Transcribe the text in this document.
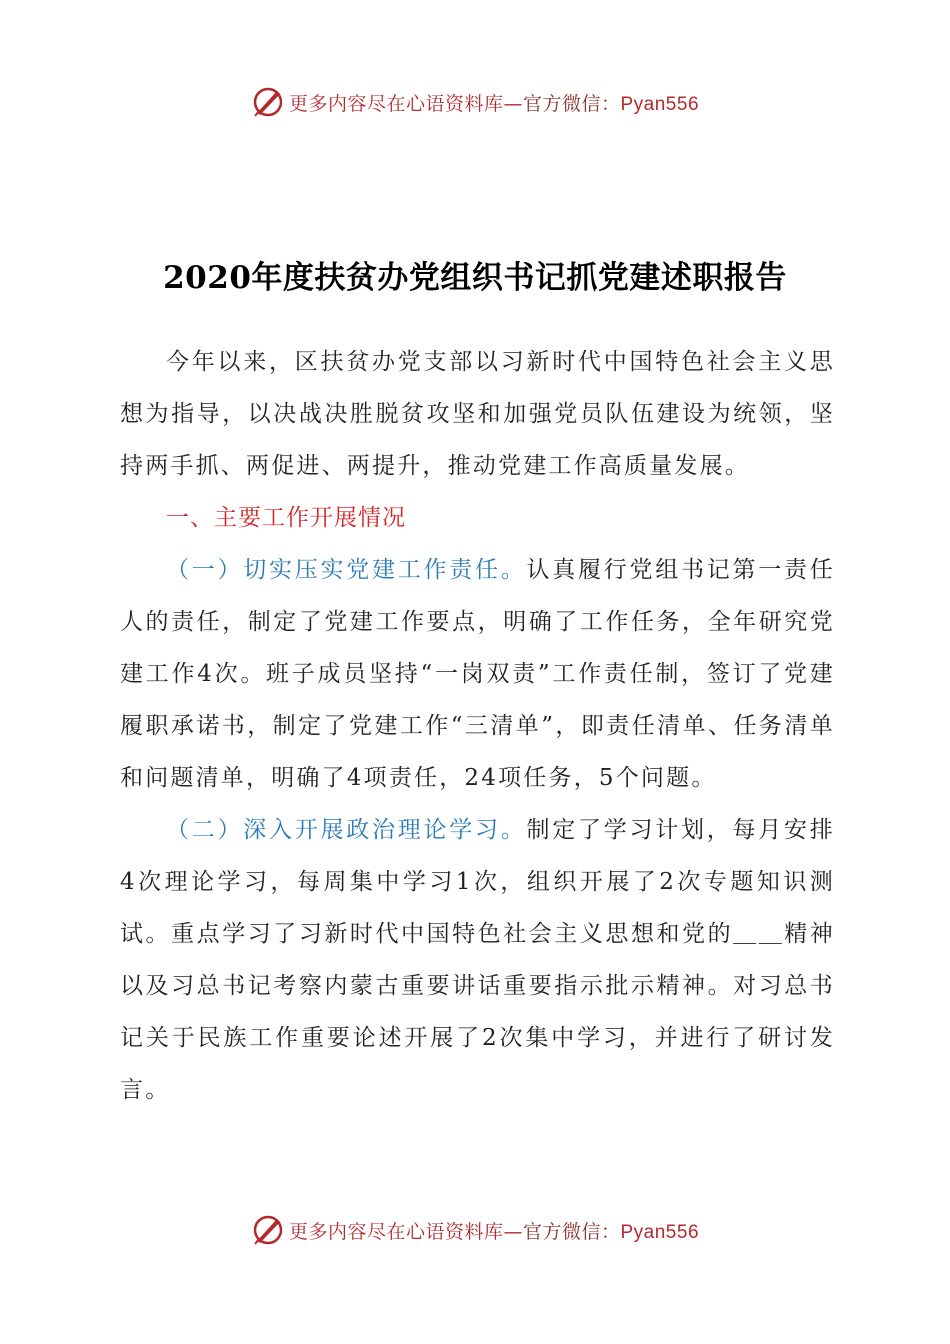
更多内容尽在心语资料库—官方微信：Pyan556
2020年度扶贫办党组织书记抓党建述职报告

今年以来，区扶贫办党支部以习新时代中国特色社会主义思想为指导，以决战决胜脱贫攻坚和加强党员队伍建设为统领，坚持两手抓、两促进、两提升，推动党建工作高质量发展。

一、主要工作开展情况

（一）切实压实党建工作责任。认真履行党组书记第一责任人的责任，制定了党建工作要点，明确了工作任务，全年研究党建工作4次。班子成员坚持“一岗双责”工作责任制，签订了党建履职承诺书，制定了党建工作“三清单”，即责任清单、任务清单和问题清单，明确了4项责任，24项任务，5个问题。

（二）深入开展政治理论学习。制定了学习计划，每月安排4次理论学习，每周集中学习1次，组织开展了2次专题知识测试。重点学习了习新时代中国特色社会主义思想和党的＿＿精神以及习总书记考察内蒙古重要讲话重要指示批示精神。对习总书记关于民族工作重要论述开展了2次集中学习，并进行了研讨发言。

更多内容尽在心语资料库—官方微信：Pyan556
